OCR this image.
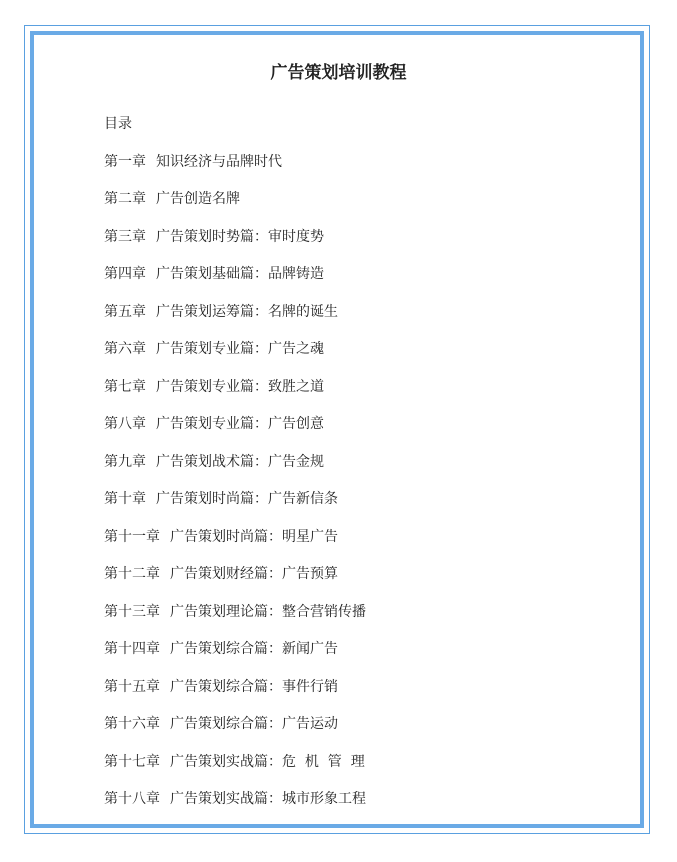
广告策划培训教程
目录
第一章 知识经济与品牌时代
第二章 广告创造名牌
第三章 广告策划时势篇：审时度势
第四章 广告策划基础篇：品牌铸造
第五章 广告策划运筹篇：名牌的诞生
第六章 广告策划专业篇：广告之魂
第七章 广告策划专业篇：致胜之道
第八章 广告策划专业篇：广告创意
第九章 广告策划战术篇：广告金规
第十章 广告策划时尚篇：广告新信条
第十一章 广告策划时尚篇：明星广告
第十二章 广告策划财经篇：广告预算
第十三章 广告策划理论篇：整合营销传播
第十四章 广告策划综合篇：新闻广告
第十五章 广告策划综合篇：事件行销
第十六章 广告策划综合篇：广告运动
第十七章 广告策划实战篇：危  机  管  理
第十八章 广告策划实战篇：城市形象工程
